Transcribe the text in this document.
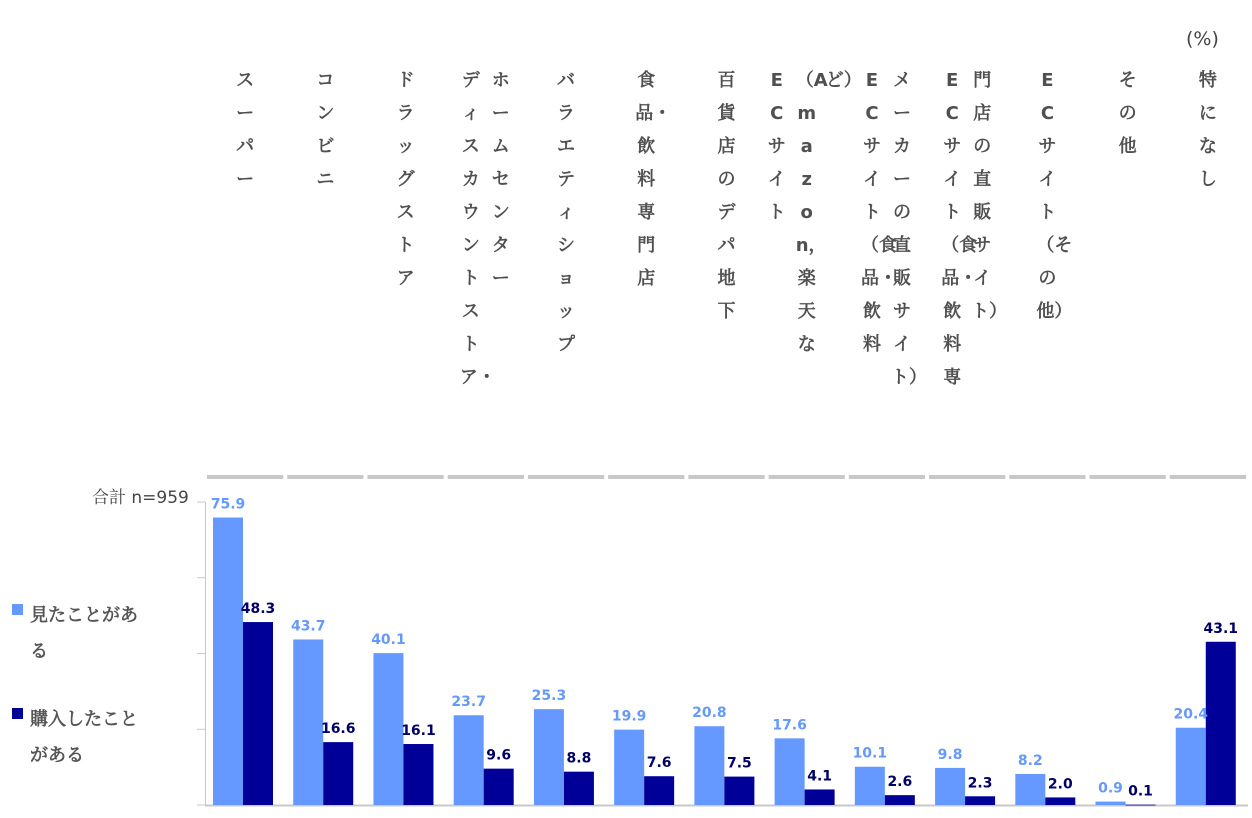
75.9
48.3
43.7
16.6
40.1
16.1
23.7
9.6
25.3
8.8
19.9
7.6
20.8
7.5
17.6
4.1
10.1
2.6
9.8
2.3
8.2
2.0 0.9 0.1
20.4
43.1
(%)
合計 n=959
スーパー
コンビニ
ドラッグストア
ホームセンター
ディスカウントストア・
バラエティショップ
食品・飲料専門店
百貨店のデパ地下
ど）
（Amazon，楽天な
ECサイト
メーカーの直販サイト）
ECサイト（食品・飲料
門店の直販サイト）
ECサイト（食品・飲料専
ECサイト（その他）
その他
特になし
見たことがある
購入したことがある
